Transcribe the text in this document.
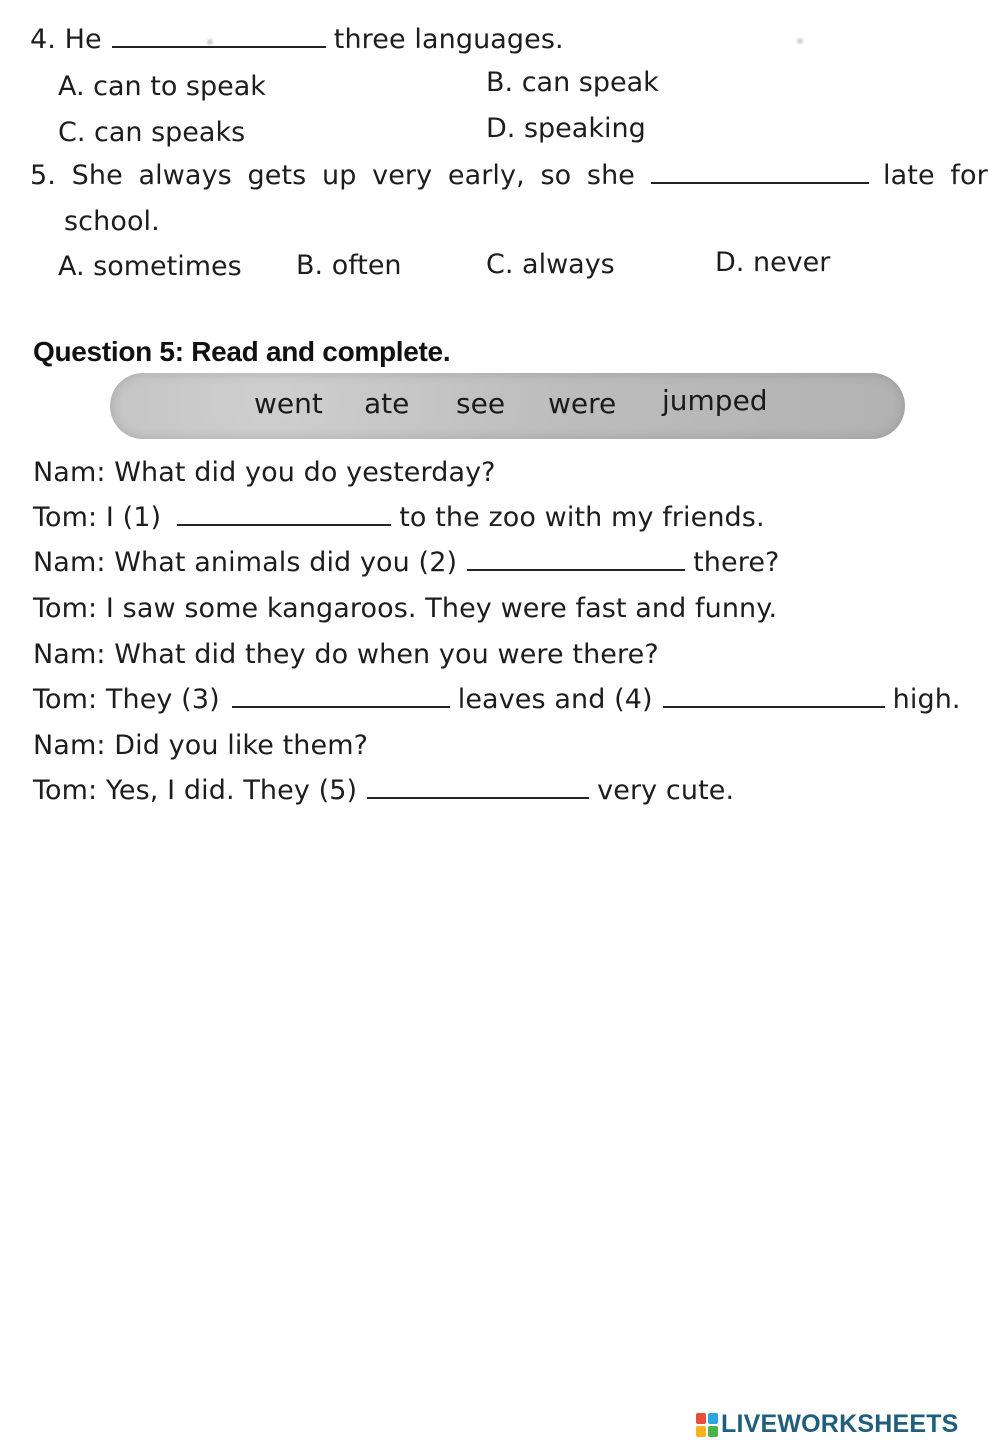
4. He	three languages.
A. can to speak	B. can speak
C. can speaks	D. speaking
5. She always gets up very early, so she	late for
school.
A. sometimes B. often	C. always	D. never
Question 5: Read and complete.
went ate see were jumped
Nam: What did you do yesterday?
Tom: I (1)	to the zoo with my friends.
Nam: What animals did you (2)	there?
Tom: I saw some kangaroos. They were fast and funny.
Nam: What did they do when you were there?
Tom: They (3)	leaves and (4)	high.
Nam: Did you like them?
Tom: Yes, I did. They (5)	very cute.
LIVEWORKSHEETS
